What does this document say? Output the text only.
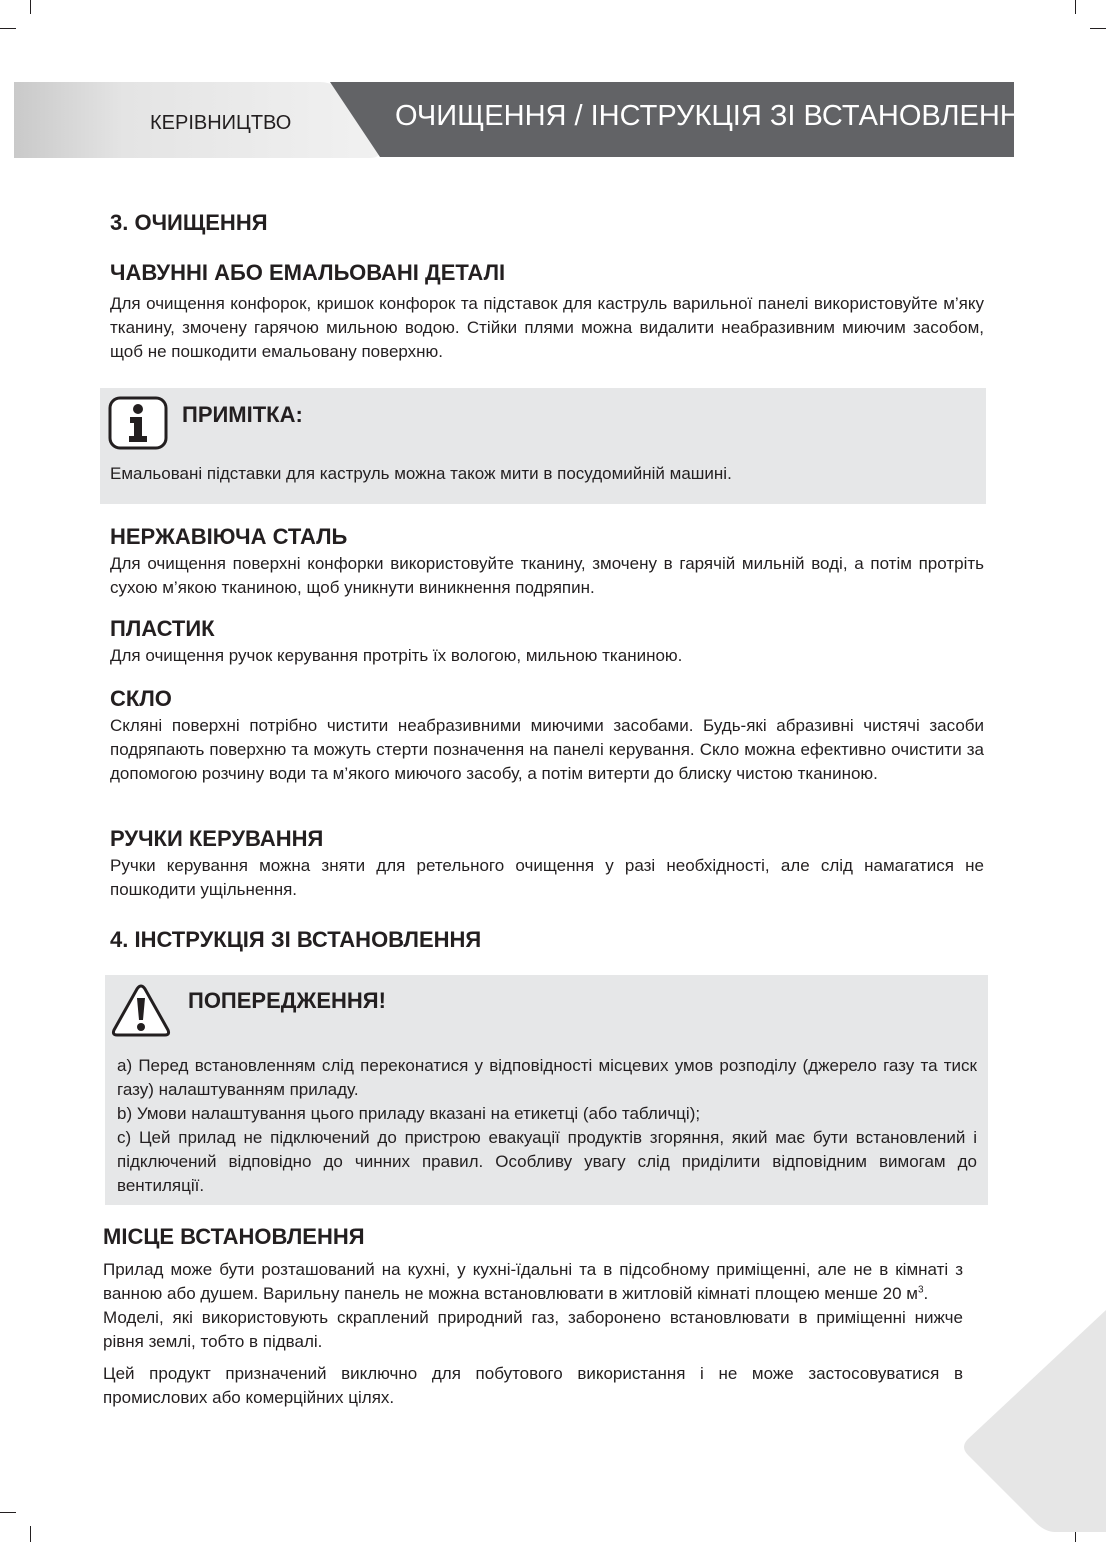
КЕРІВНИЦТВО	ОЧИЩЕННЯ / ІНСТРУКЦІЯ ЗІ ВСТАНОВЛЕННЯ
3. ОЧИЩЕННЯ
ЧАВУННІ АБО ЕМАЛЬОВАНІ ДЕТАЛІ

Для очищення конфорок, кришок конфорок та підставок для каструль варильної панелі використовуйте м’яку тканину, змочену гарячою мильною водою. Стійки плями можна видалити неабразивним миючим засобом, щоб не пошкодити емальовану поверхню.

ПРИМІТКА:
Емальовані підставки для каструль можна також мити в посудомийній машині.
НЕРЖАВІЮЧА СТАЛЬ

Для очищення поверхні конфорки використовуйте тканину, змочену в гарячій мильній воді, а потім протріть сухою м’якою тканиною, щоб уникнути виникнення подряпин.

ПЛАСТИК

Для очищення ручок керування протріть їх вологою, мильною тканиною.

СКЛО

Скляні поверхні потрібно чистити неабразивними миючими засобами. Будь-які абразивні чистячі засоби подряпають поверхню та можуть стерти позначення на панелі керування. Скло можна ефективно очистити за допомогою розчину води та м’якого миючого засобу, а потім витерти до блиску чистою тканиною.

РУЧКИ КЕРУВАННЯ

Ручки керування можна зняти для ретельного очищення у разі необхідності, але слід намагатися не пошкодити ущільнення.

4. ІНСТРУКЦІЯ ЗІ ВСТАНОВЛЕННЯ
ПОПЕРЕДЖЕННЯ!

a) Перед встановленням слід переконатися у відповідності місцевих умов розподілу (джерело газу та тиск газу) налаштуванням приладу.

b) Умови налаштування цього приладу вказані на етикетці (або табличці);

c) Цей прилад не підключений до пристрою евакуації продуктів згоряння, який має бути встановлений і підключений відповідно до чинних правил. Особливу увагу слід приділити відповідним вимогам до вентиляції.

МІСЦЕ ВСТАНОВЛЕННЯ

Прилад може бути розташований на кухні, у кухні-їдальні та в підсобному приміщенні, але не в кімнаті з ванною або душем. Варильну панель не можна встановлювати в житловій кімнаті площею менше 20 $м^3$.

Моделі, які використовують скраплений природний газ, заборонено встановлювати в приміщенні нижче рівня землі, тобто в підвалі.

Цей продукт призначений виключно для побутового використання і не може застосовуватися в промислових або комерційних цілях.
